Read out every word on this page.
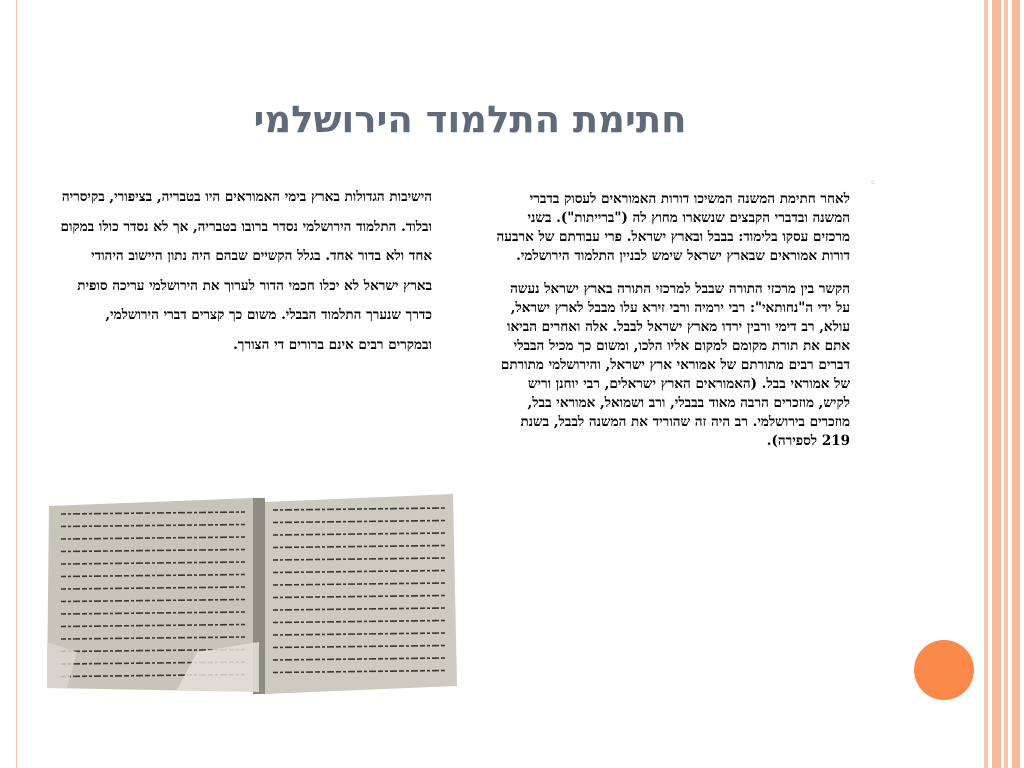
חתימת התלמוד הירושלמי
◦
הישיבות הגדולות בארץ בימי האמוראים היו בטבריה, בציפורי, בקיסריה ובלוד. התלמוד הירושלמי נסדר ברובו בטבריה, אך לא נסדר כולו במקום אחד ולא בדור אחד. בגלל הקשיים שבהם היה נתון היישוב היהודי בארץ ישראל לא יכלו חכמי הדור לערוך את הירושלמי עריכה סופית כדרך שנערך התלמוד הבבלי. משום כך קצרים דברי הירושלמי, ובמקרים רבים אינם ברורים די הצורך.

לאחר חתימת המשנה המשיכו דורות האמוראים לעסוק בדברי המשנה ובדברי הקבצים שנשארו מחוץ לה ("ברייתות"). בשני מרכזים עסקו בלימוד: בבבל ובארץ ישראל. פרי עבודתם של ארבעה דורות אמוראים שבארץ ישראל שימש לבניין התלמוד הירושלמי.

הקשר בין מרכזי התורה שבבל למרכזי התורה בארץ ישראל נעשה על ידי ה"נחותאי": רבי ירמיה ורבי זירא עלו מבבל לארץ ישראל, עולא, רב דימי ורבין ירדו מארץ ישראל לבבל. אלה ואחרים הביאו אתם את תורת מקומם למקום אליו הלכו, ומשום כך מכיל הבבלי דברים רבים מתורתם של אמוראי ארץ ישראל, והירושלמי מתורתם של אמוראי בבל. (האמוראים הארץ ישראלים, רבי יוחנן וריש לקיש, מוזכרים הרבה מאוד בבבלי, ורב ושמואל, אמוראי בבל, מוזכרים בירושלמי. רב היה זה שהוריד את המשנה לבבל, בשנת 219 לספירה).
